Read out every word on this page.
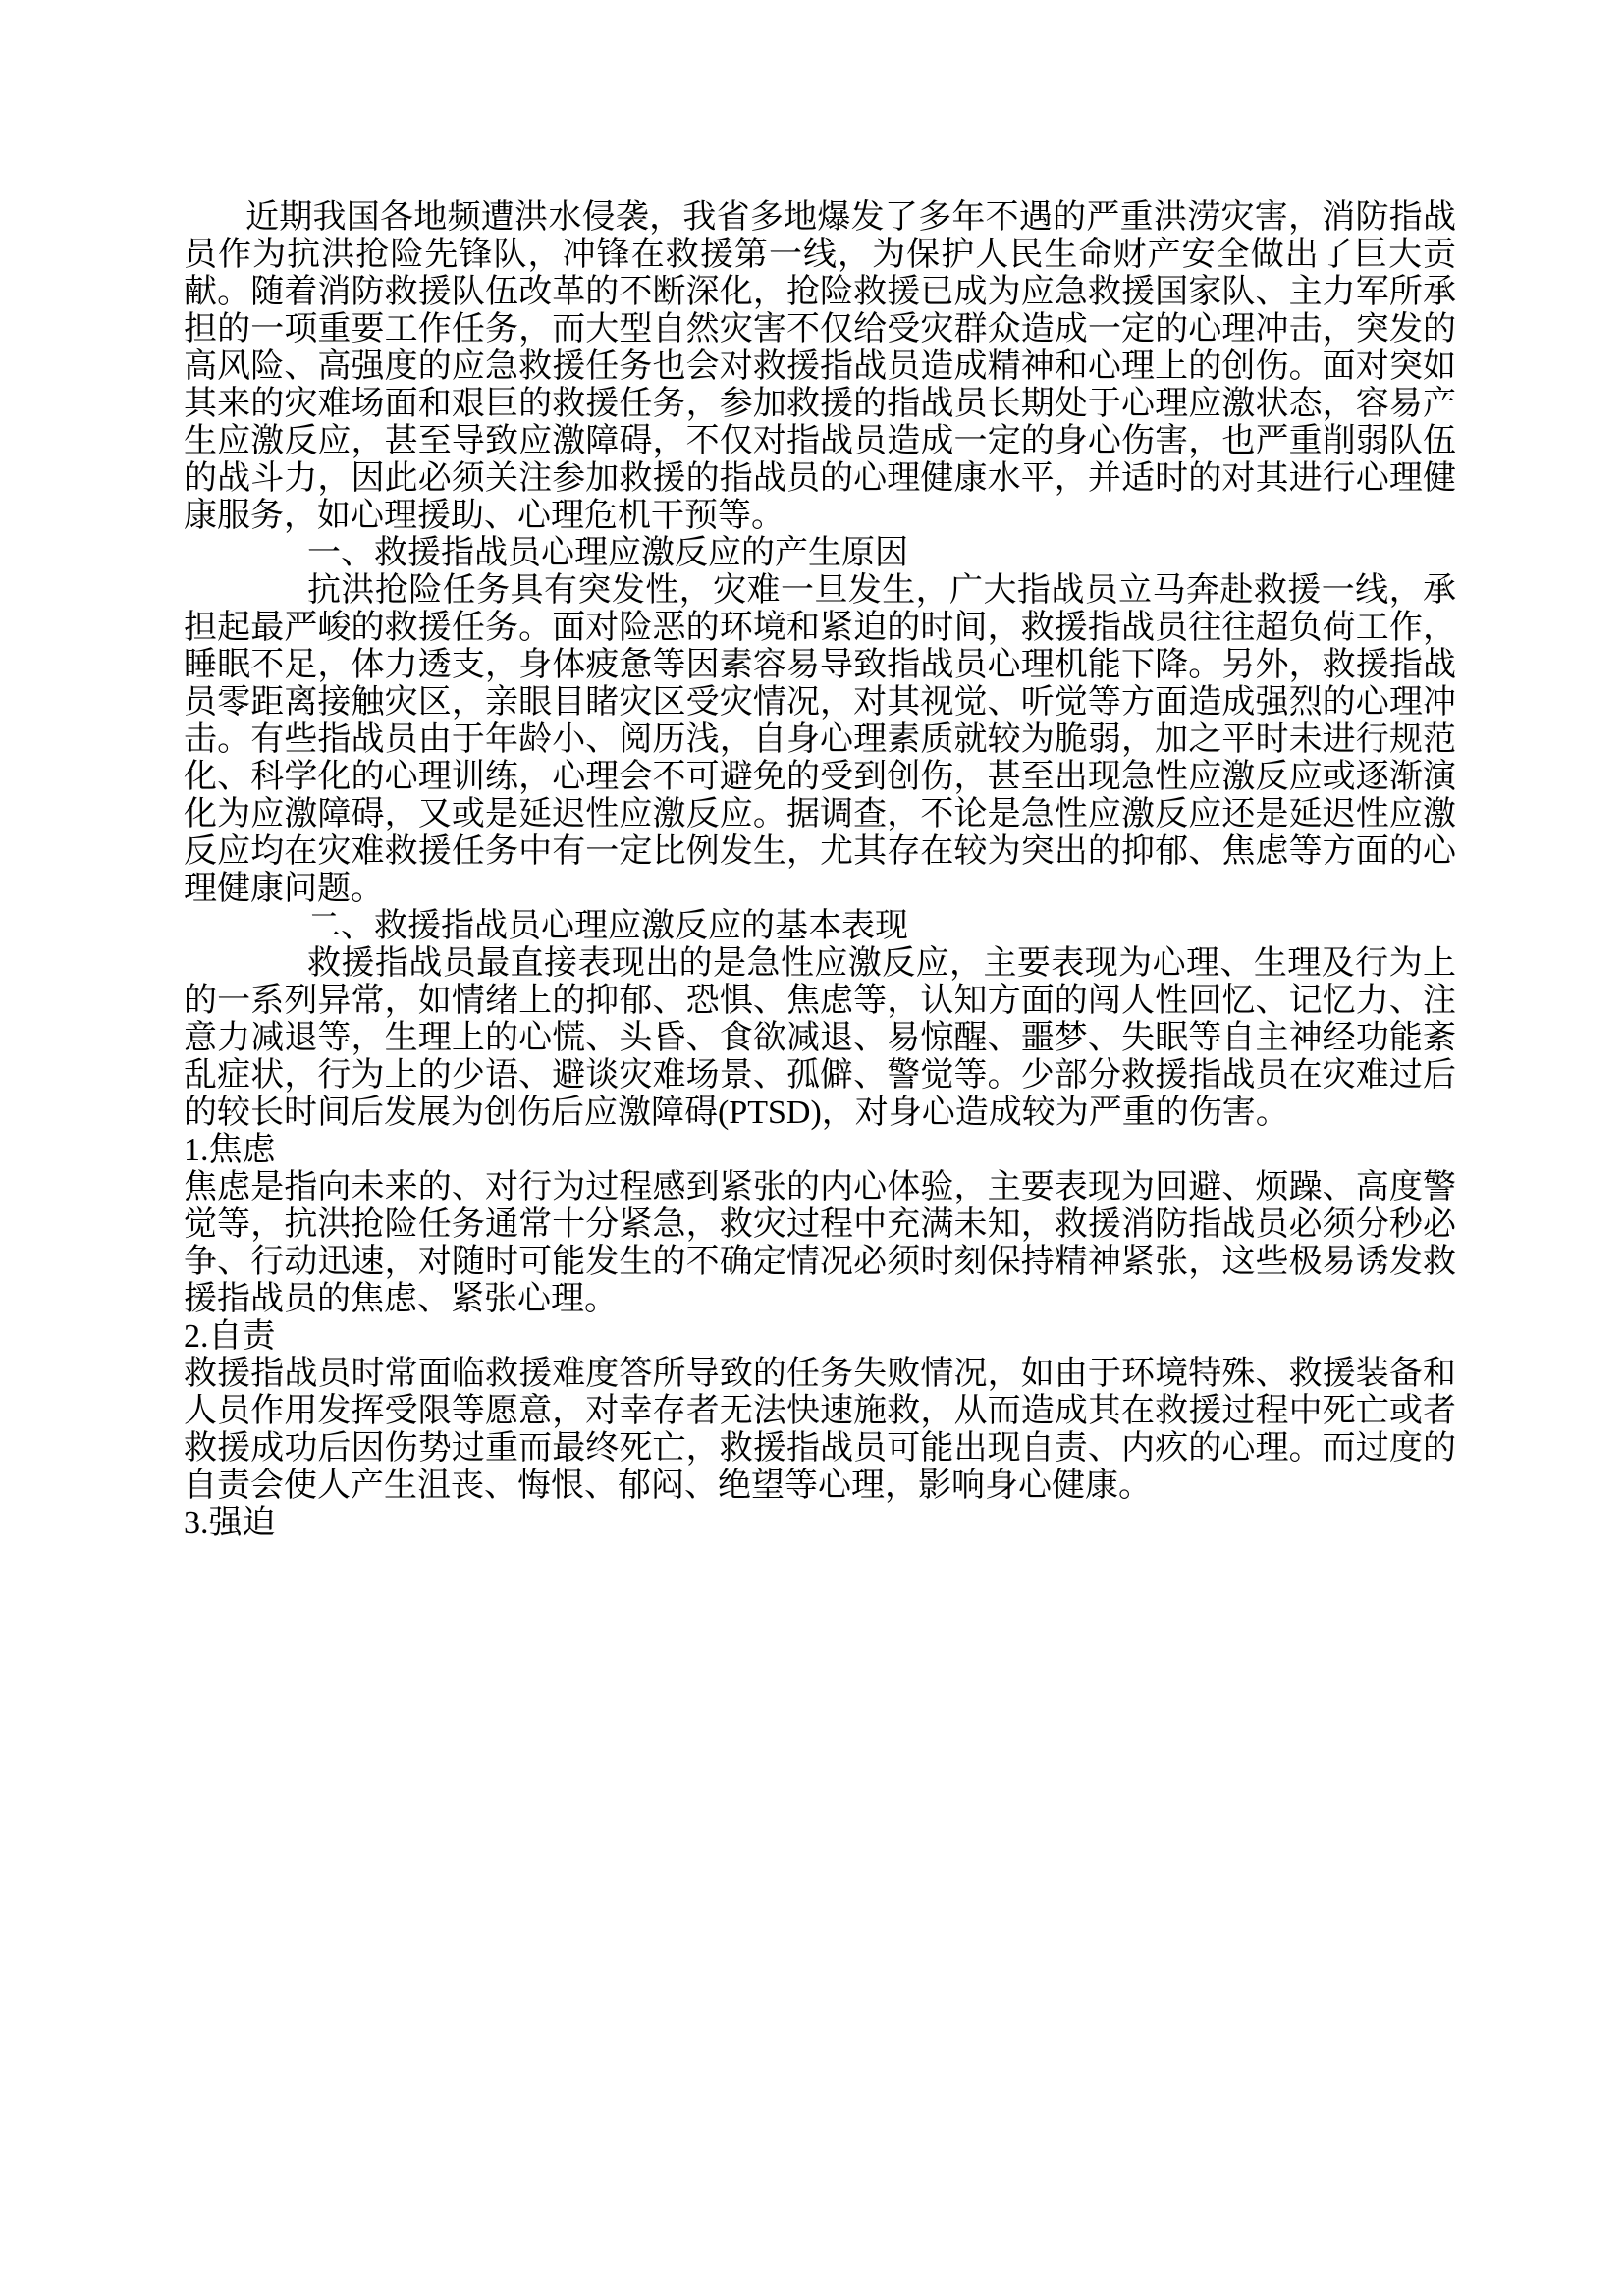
近期我国各地频遭洪水侵袭，我省多地爆发了多年不遇的严重洪涝灾害，消防指战员作为抗洪抢险先锋队，冲锋在救援第一线，为保护人民生命财产安全做出了巨大贡献。随着消防救援队伍改革的不断深化，抢险救援已成为应急救援国家队、主力军所承担的一项重要工作任务，而大型自然灾害不仅给受灾群众造成一定的心理冲击，突发的高风险、高强度的应急救援任务也会对救援指战员造成精神和心理上的创伤。面对突如其来的灾难场面和艰巨的救援任务，参加救援的指战员长期处于心理应激状态，容易产生应激反应，甚至导致应激障碍，不仅对指战员造成一定的身心伤害，也严重削弱队伍的战斗力，因此必须关注参加救援的指战员的心理健康水平，并适时的对其进行心理健康服务，如心理援助、心理危机干预等。

一、救援指战员心理应激反应的产生原因

抗洪抢险任务具有突发性，灾难一旦发生，广大指战员立马奔赴救援一线，承担起最严峻的救援任务。面对险恶的环境和紧迫的时间，救援指战员往往超负荷工作，睡眠不足，体力透支，身体疲惫等因素容易导致指战员心理机能下降。另外，救援指战员零距离接触灾区，亲眼目睹灾区受灾情况，对其视觉、听觉等方面造成强烈的心理冲击。有些指战员由于年龄小、阅历浅，自身心理素质就较为脆弱，加之平时未进行规范化、科学化的心理训练，心理会不可避免的受到创伤，甚至出现急性应激反应或逐渐演化为应激障碍，又或是延迟性应激反应。据调查，不论是急性应激反应还是延迟性应激反应均在灾难救援任务中有一定比例发生，尤其存在较为突出的抑郁、焦虑等方面的心理健康问题。

二、救援指战员心理应激反应的基本表现

救援指战员最直接表现出的是急性应激反应，主要表现为心理、生理及行为上的一系列异常，如情绪上的抑郁、恐惧、焦虑等，认知方面的闯人性回忆、记忆力、注意力减退等，生理上的心慌、头昏、食欲减退、易惊醒、噩梦、失眠等自主神经功能紊乱症状，行为上的少语、避谈灾难场景、孤僻、警觉等。少部分救援指战员在灾难过后的较长时间后发展为创伤后应激障碍(PTSD)，对身心造成较为严重的伤害。

1.焦虑

焦虑是指向未来的、对行为过程感到紧张的内心体验，主要表现为回避、烦躁、高度警觉等，抗洪抢险任务通常十分紧急，救灾过程中充满未知，救援消防指战员必须分秒必争、行动迅速，对随时可能发生的不确定情况必须时刻保持精神紧张，这些极易诱发救援指战员的焦虑、紧张心理。

2.自责

救援指战员时常面临救援难度答所导致的任务失败情况，如由于环境特殊、救援装备和人员作用发挥受限等愿意，对幸存者无法快速施救，从而造成其在救援过程中死亡或者救援成功后因伤势过重而最终死亡，救援指战员可能出现自责、内疚的心理。而过度的自责会使人产生沮丧、悔恨、郁闷、绝望等心理，影响身心健康。

3.强迫
